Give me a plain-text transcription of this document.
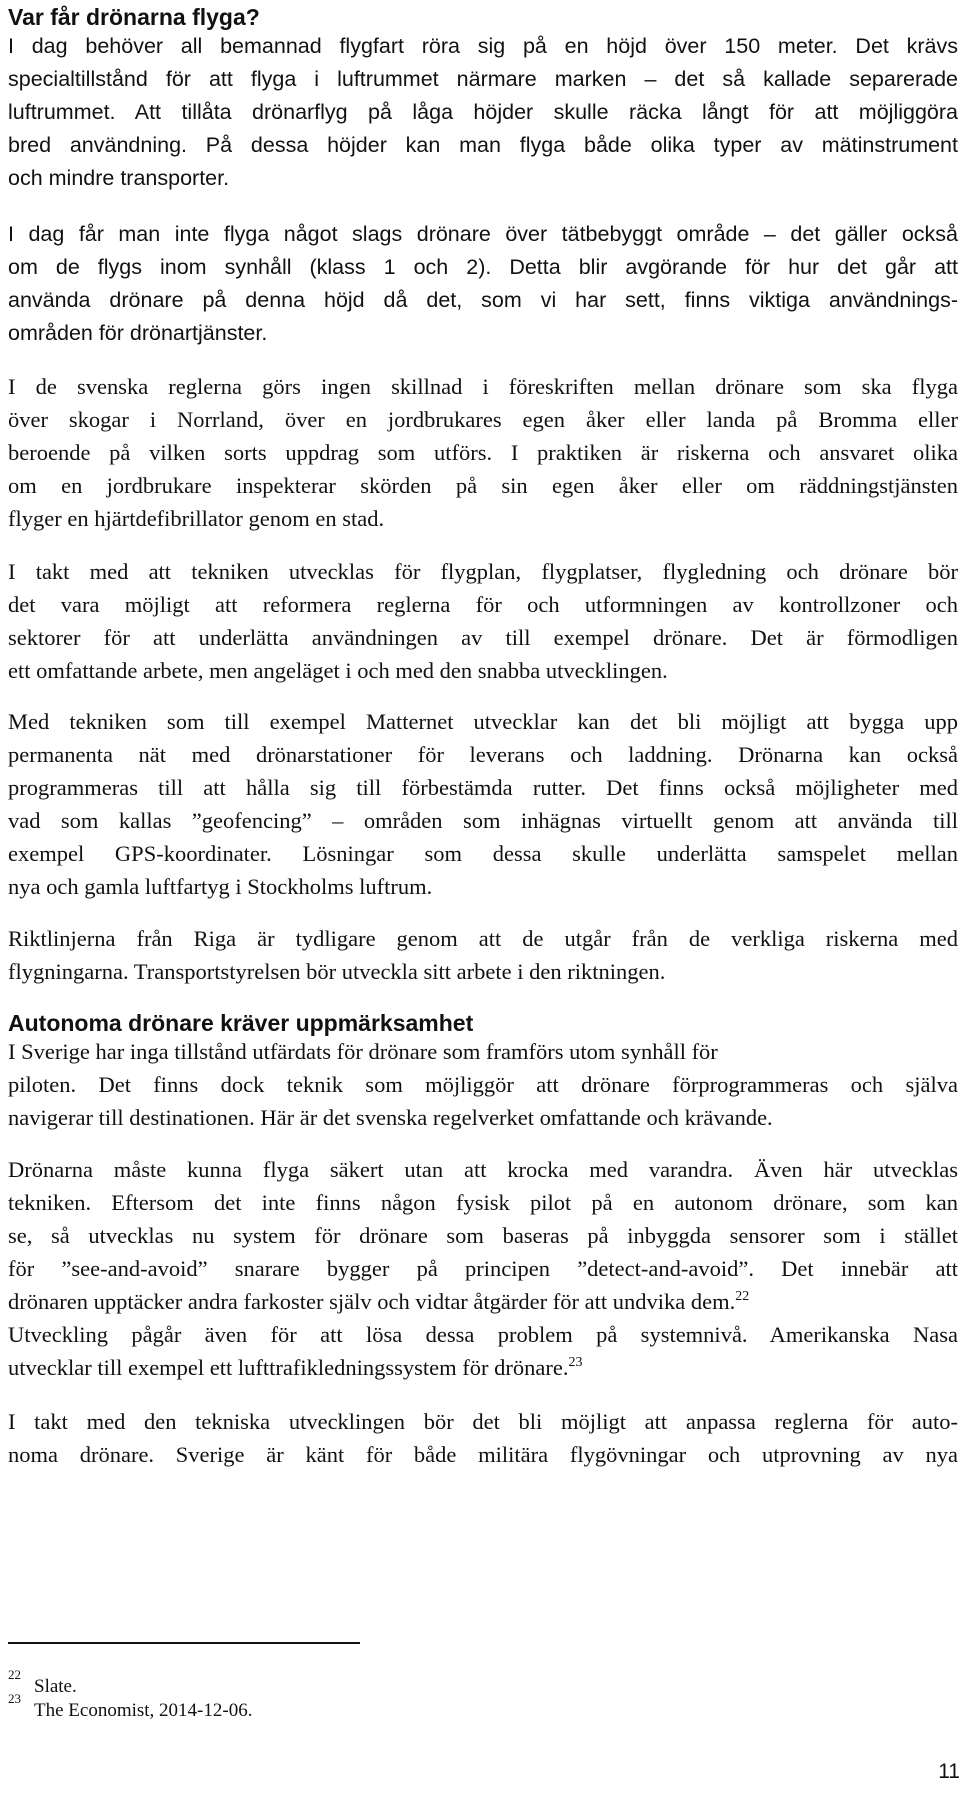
Var får drönarna flyga?
I dag behöver all bemannad flygfart röra sig på en höjd över 150 meter. Det krävs
specialtillstånd för att flyga i luftrummet närmare marken – det så kallade separerade
luftrummet. Att tillåta drönarflyg på låga höjder skulle räcka långt för att möjliggöra
bred användning. På dessa höjder kan man flyga både olika typer av mätinstrument
och mindre transporter.
I dag får man inte flyga något slags drönare över tätbebyggt område – det gäller också
om de flygs inom synhåll (klass 1 och 2). Detta blir avgörande för hur det går att
använda drönare på denna höjd då det, som vi har sett, finns viktiga användnings-
områden för drönartjänster.
I de svenska reglerna görs ingen skillnad i föreskriften mellan drönare som ska flyga
över skogar i Norrland, över en jordbrukares egen åker eller landa på Bromma eller
beroende på vilken sorts uppdrag som utförs. I praktiken är riskerna och ansvaret olika
om en jordbrukare inspekterar skörden på sin egen åker eller om räddningstjänsten
flyger en hjärtdefibrillator genom en stad.
I takt med att tekniken utvecklas för flygplan, flygplatser, flygledning och drönare bör
det vara möjligt att reformera reglerna för och utformningen av kontrollzoner och
sektorer för att underlätta användningen av till exempel drönare. Det är förmodligen
ett omfattande arbete, men angeläget i och med den snabba utvecklingen.
Med tekniken som till exempel Matternet utvecklar kan det bli möjligt att bygga upp
permanenta nät med drönarstationer för leverans och laddning. Drönarna kan också
programmeras till att hålla sig till förbestämda rutter. Det finns också möjligheter med
vad som kallas ”geofencing” – områden som inhägnas virtuellt genom att använda till
exempel GPS-koordinater. Lösningar som dessa skulle underlätta samspelet mellan
nya och gamla luftfartyg i Stockholms luftrum.
Riktlinjerna från Riga är tydligare genom att de utgår från de verkliga riskerna med
flygningarna. Transportstyrelsen bör utveckla sitt arbete i den riktningen.
Autonoma drönare kräver uppmärksamhet
I Sverige har inga tillstånd utfärdats för drönare som framförs utom synhåll för
piloten. Det finns dock teknik som möjliggör att drönare förprogrammeras och själva
navigerar till destinationen. Här är det svenska regelverket omfattande och krävande.
Drönarna måste kunna flyga säkert utan att krocka med varandra. Även här utvecklas
tekniken. Eftersom det inte finns någon fysisk pilot på en autonom drönare, som kan
se, så utvecklas nu system för drönare som baseras på inbyggda sensorer som i stället
för ”see-and-avoid” snarare bygger på principen ”detect-and-avoid”. Det innebär att
drönaren upptäcker andra farkoster själv och vidtar åtgärder för att undvika dem.$^{22}$
Utveckling pågår även för att lösa dessa problem på systemnivå. Amerikanska Nasa
utvecklar till exempel ett lufttrafikledningssystem för drönare.$^{23}$
I takt med den tekniska utvecklingen bör det bli möjligt att anpassa reglerna för auto-
noma drönare. Sverige är känt för både militära flygövningar och utprovning av nya
22
Slate.
23
The Economist, 2014-12-06.
11
